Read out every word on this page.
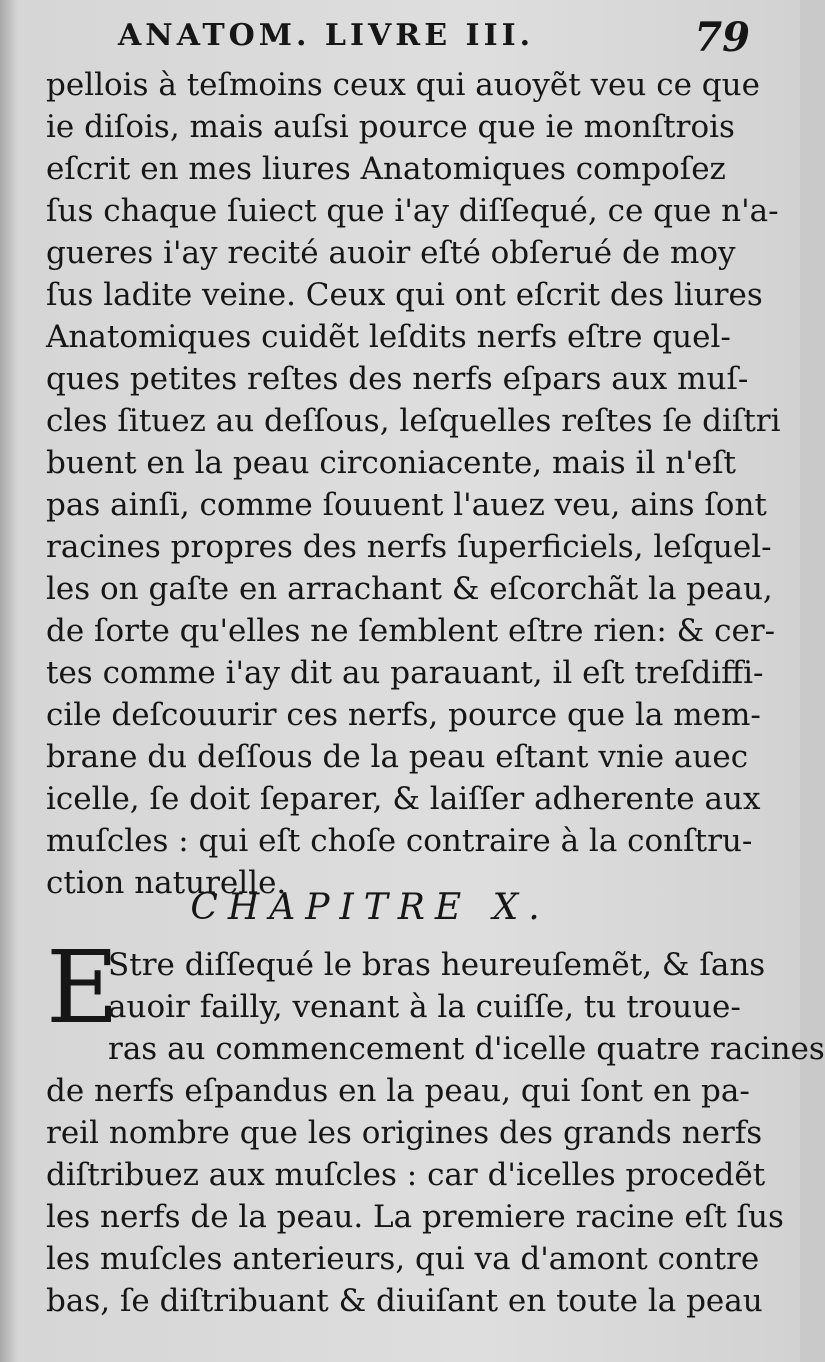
ANATOM. LIVRE III.	79
pellois à teſmoins ceux qui auoyẽt veu ce que
ie diſois, mais auſsi pource que ie monſtrois
eſcrit en mes liures Anatomiques compoſez
ſus chaque ſuiect que i'ay diſſequé, ce que n'a-
gueres i'ay recité auoir eſté obſerué de moy
ſus ladite veine. Ceux qui ont eſcrit des liures
Anatomiques cuidẽt leſdits nerfs eſtre quel-
ques petites reſtes des nerfs eſpars aux muſ-
cles ſituez au deſſous, leſquelles reſtes ſe diſtri
buent en la peau circoniacente, mais il n'eſt
pas ainſi, comme ſouuent l'auez veu, ains ſont
racines propres des nerfs ſuperficiels, leſquel-
les on gaſte en arrachant & eſcorchãt la peau,
de ſorte qu'elles ne ſemblent eſtre rien: & cer-
tes comme i'ay dit au parauant, il eſt treſdiffi-
cile deſcouurir ces nerfs, pource que la mem-
brane du deſſous de la peau eſtant vnie auec
icelle, ſe doit ſeparer, & laiſſer adherente aux
muſcles : qui eſt choſe contraire à la conſtru-
ction naturelle.
CHAPITRE X.
E
Stre diſſequé le bras heureuſemẽt, & ſans
auoir failly, venant à la cuiſſe, tu trouue-
ras au commencement d'icelle quatre racines
de nerfs eſpandus en la peau, qui ſont en pa-
reil nombre que les origines des grands nerfs
diſtribuez aux muſcles : car d'icelles procedẽt
les nerfs de la peau. La premiere racine eſt ſus
les muſcles anterieurs, qui va d'amont contre
bas, ſe diſtribuant & diuiſant en toute la peau
